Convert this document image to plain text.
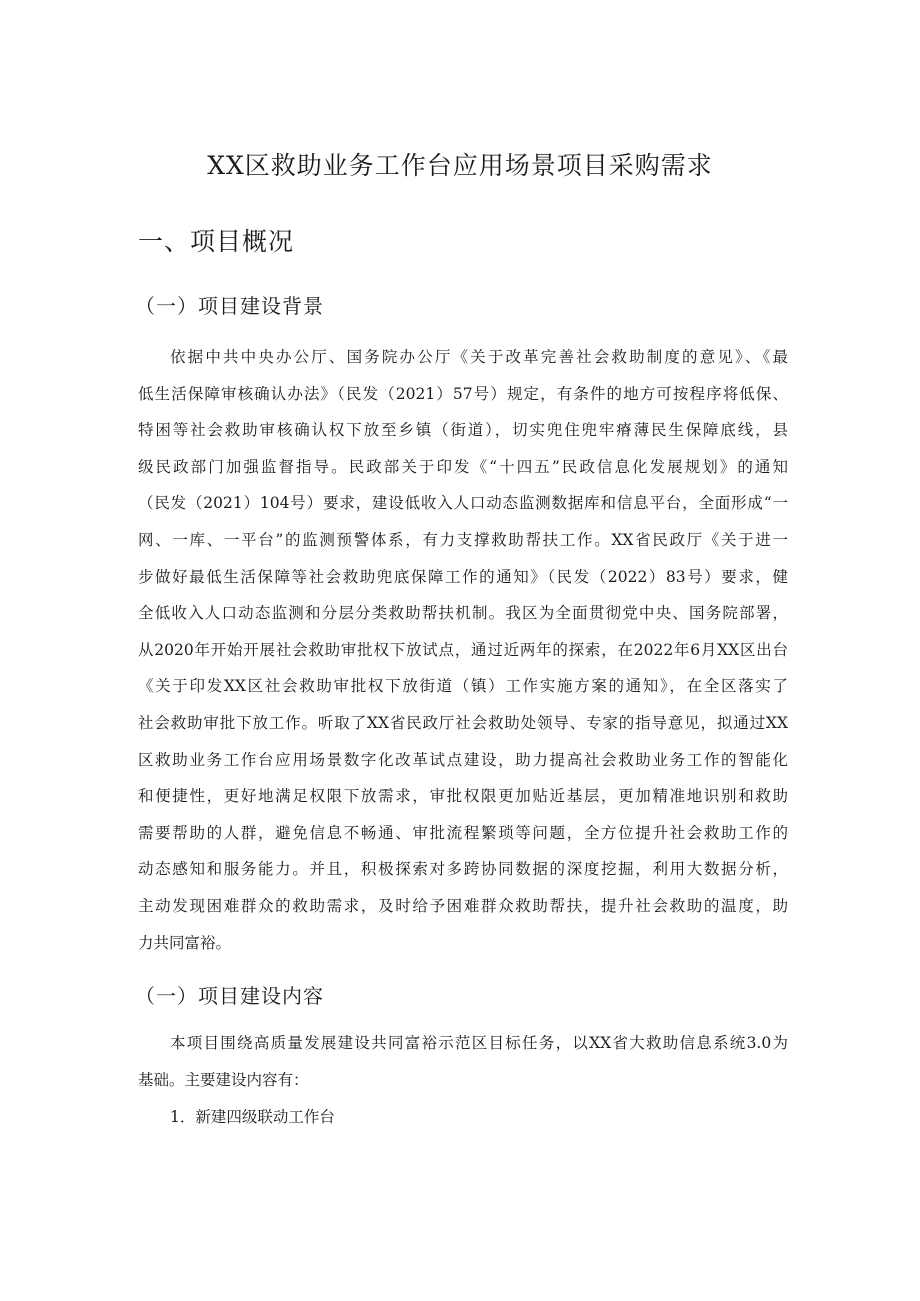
XX区救助业务工作台应用场景项目采购需求
一、项目概况
（一）项目建设背景

依据中共中央办公厅、国务院办公厅《关于改革完善社会救助制度的意见》、《最
低生活保障审核确认办法》（民发（2021）57号）规定，有条件的地方可按程序将低保、
特困等社会救助审核确认权下放至乡镇（街道），切实兜住兜牢瘠薄民生保障底线，县
级民政部门加强监督指导。民政部关于印发《“十四五”民政信息化发展规划》的通知
（民发（2021）104号）要求，建设低收入人口动态监测数据库和信息平台，全面形成“一
网、一库、一平台”的监测预警体系，有力支撑救助帮扶工作。XX省民政厅《关于进一
步做好最低生活保障等社会救助兜底保障工作的通知》（民发（2022）83号）要求，健
全低收入人口动态监测和分层分类救助帮扶机制。我区为全面贯彻党中央、国务院部署，
从2020年开始开展社会救助审批权下放试点，通过近两年的探索，在2022年6月XX区出台
《关于印发XX区社会救助审批权下放街道（镇）工作实施方案的通知》，在全区落实了
社会救助审批下放工作。听取了XX省民政厅社会救助处领导、专家的指导意见，拟通过XX
区救助业务工作台应用场景数字化改革试点建设，助力提高社会救助业务工作的智能化
和便捷性，更好地满足权限下放需求，审批权限更加贴近基层，更加精准地识别和救助
需要帮助的人群，避免信息不畅通、审批流程繁琐等问题，全方位提升社会救助工作的
动态感知和服务能力。并且，积极探索对多跨协同数据的深度挖掘，利用大数据分析，
主动发现困难群众的救助需求，及时给予困难群众救助帮扶，提升社会救助的温度，助
力共同富裕。

（一）项目建设内容

本项目围绕高质量发展建设共同富裕示范区目标任务，以XX省大救助信息系统3.0为
基础。主要建设内容有：

1．新建四级联动工作台
